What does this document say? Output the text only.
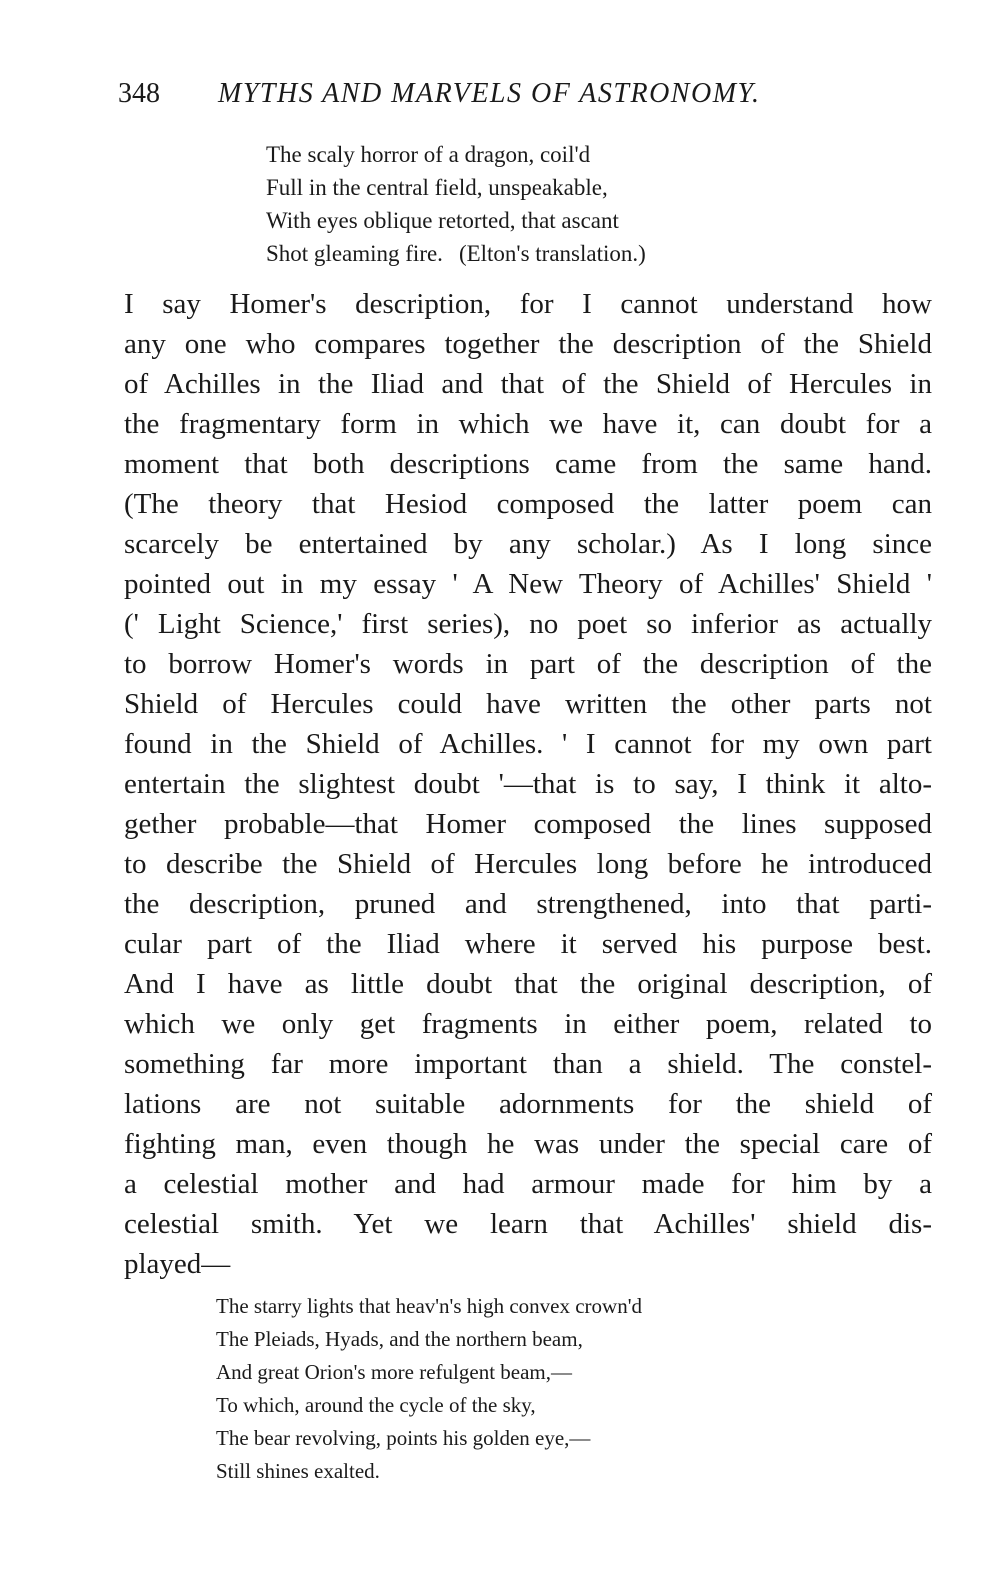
348 MYTHS AND MARVELS OF ASTRONOMY.
The scaly horror of a dragon, coil'd
Full in the central field, unspeakable,
With eyes oblique retorted, that ascant
Shot gleaming fire. (Elton's translation.)
I say Homer's description, for I cannot understand how
any one who compares together the description of the Shield
of Achilles in the Iliad and that of the Shield of Hercules in
the fragmentary form in which we have it, can doubt for a
moment that both descriptions came from the same hand.
(The theory that Hesiod composed the latter poem can
scarcely be entertained by any scholar.) As I long since
pointed out in my essay ' A New Theory of Achilles' Shield '
(' Light Science,' first series), no poet so inferior as actually
to borrow Homer's words in part of the description of the
Shield of Hercules could have written the other parts not
found in the Shield of Achilles. ' I cannot for my own part
entertain the slightest doubt '—that is to say, I think it alto-
gether probable—that Homer composed the lines supposed
to describe the Shield of Hercules long before he introduced
the description, pruned and strengthened, into that parti-
cular part of the Iliad where it served his purpose best.
And I have as little doubt that the original description, of
which we only get fragments in either poem, related to
something far more important than a shield. The constel-
lations are not suitable adornments for the shield of
fighting man, even though he was under the special care of
a celestial mother and had armour made for him by a
celestial smith. Yet we learn that Achilles' shield dis-
played—
The starry lights that heav'n's high convex crown'd
The Pleiads, Hyads, and the northern beam,
And great Orion's more refulgent beam,—
To which, around the cycle of the sky,
The bear revolving, points his golden eye,—
Still shines exalted.
